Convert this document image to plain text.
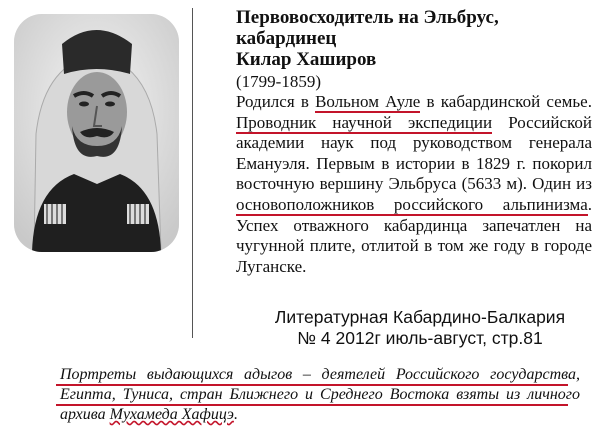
Первовосходитель на Эльбрус,
кабардинец
Килар Хаширов

(1799-1859)

Родился в Вольном Ауле в кабардинской семье. Проводник научной экспедиции Российской академии наук под руководством генерала Емануэля. Первым в истории в 1829 г. покорил восточную вершину Эльбруса (5633 м). Один из основоположников российского альпинизма. Успех отважного кабардинца запечатлен на чугунной плите, отлитой в том же году в городе Луганске.

Литературная Кабардино-Балкария
№ 4 2012г июль-август, стр.81

Портреты выдающихся адыгов – деятелей Российского государства, Египта, Туниса, стран Ближнего и Среднего Востока взяты из личного архива Мухамеда Хафицэ.
